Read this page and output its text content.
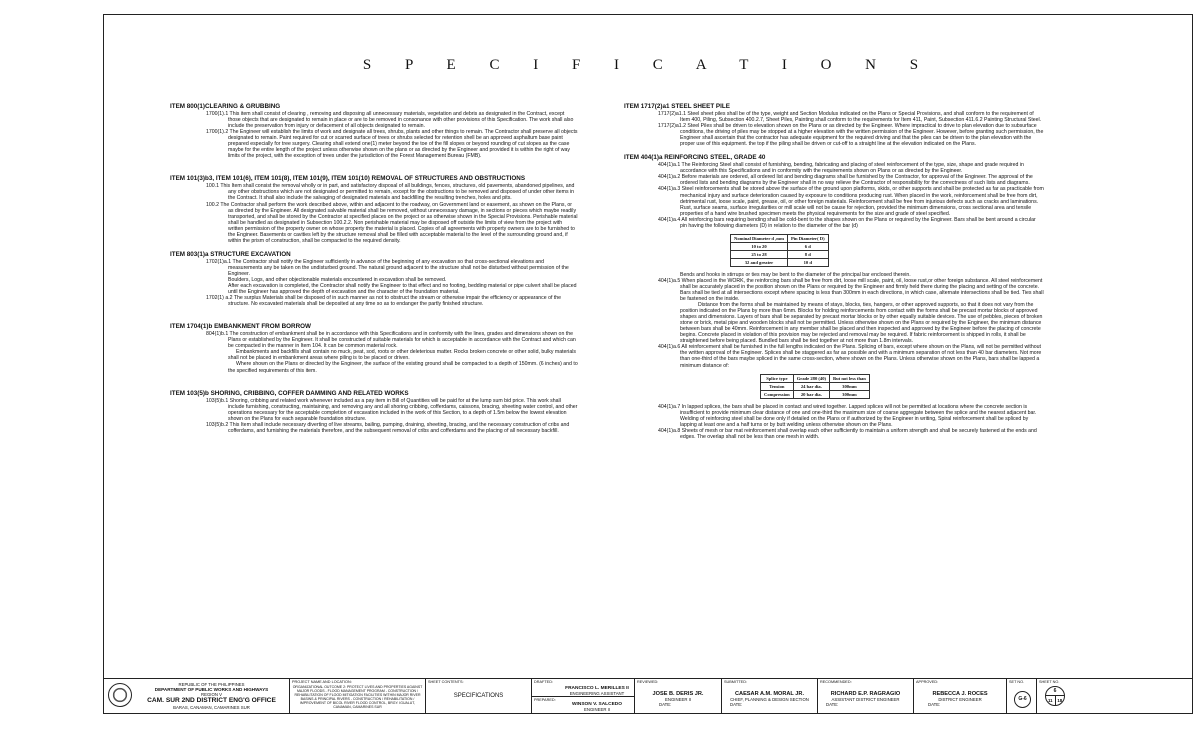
S P E C I F I C A T I O N S
ITEM 800(1)CLEARING & GRUBBING
1700(1).1 This item shall consist of clearing , removing and disposing all unnecessary materials, vegetation and debris as designated in the Contract, except those objects that are designated to remain in place or are to be removed in consonance with other provisions of this Specification. The work shall also include the preservation from injury or defacement of all objects designated to remain.
1700(1).2 The Engineer will establish the limits of work and designate all trees, shrubs, plants and other things to remain. The Contractor shall preserve all objects designated to remain. Paint required for cut or scarred surface of trees or shrubs selected for retention shell be an approved asphaltum base paint prepared especially for tree surgery. Clearing shall extend one(1) meter beyond the toe of the fill slopes or beyond rounding of cut slopes as the case maybe for the entire length of the project unless otherwise shown on the plans or as directed by the Engineer and provided it is within the right of way limits of the project, with the exception of trees under the jurisdiction of the Forest Management Bureau (FMB).
ITEM 101(3)b3, ITEM 101(6), ITEM 101(8), ITEM 101(9), ITEM 101(10) REMOVAL OF STRUCTURES AND OBSTRUCTIONS
100.1 This Item shall consist the removal wholly or in part, and satisfactory disposal of all buildings, fences, structures, old pavements, abandoned pipelines, and any other obstructions which are not designated or permitted to remain, except for the obstructions to be removed and disposed of under other items in the Contract. It shall also include the salvaging of designated materials and backfilling the resulting trenches, holes and pits.
100.2 The Contractor shall perform the work described above, within and adjacent to the roadway, on Government land or easement, as shown on the Plans, or as directed by the Engineer. All designated salvable material shall be removed, without unnecessary damage, in sections or pieces which maybe readily transported, and shall be stored by the Contractor at specified places on the project or as otherwise shown in the Special Provisions. Perishable material shall be handled as designated in Subsection 100.2.2. Non perishable material may be disposed off outside the limits of view from the project with written permission of the property owner on whose property the material is placed. Copies of all agreements with property owners are to be furnished to the Engineer. Basements or cavities left by the structure removal shall be filled with acceptable material to the level of the surrounding ground and, if within the prism of construction, shall be compacted to the required density.
ITEM 803(1)a STRUCTURE EXCAVATION
1702(1)a.1 The Contractor shall notify the Engineer sufficiently in advance of the beginning of any excavation so that cross-sectional elevations and measurements any be taken on the undisturbed ground. The natural ground adjacent to the structure shall not be disturbed without permission of the Engineer.
Boulders, Logs, and other objectionable materials encountered in excavation shall be removed.
After each excavation is completed, the Contractor shall notify the Engineer to that effect and no footing, bedding material or pipe culvert shall be placed until the Engineer has approved the depth of excavation and the character of the foundation material.
1702(1) a.2 The surplus Materials shall be disposed of in such manner as not to obstruct the stream or otherwise impair the efficiency or appearance of the structure. No excavated materials shall be deposited at any time so as to endanger the partly finished structure.
ITEM 1704(1)b EMBANKMENT FROM BORROW
804(1)b.1 The construction of embankment shall be in accordance with this Specifications and in conformity with the lines, grades and dimensions shown on the Plans or established by the Engineer. It shall be constructed of suitable materials for which is acceptable in accordance with the Contract and which can be compacted in the manner in Item 104. It can be common material rock.
Embankments and backfills shall contain no muck, peat, sod, roots or other deleterious matter. Rocks broken concrete or other solid, bulky materials shall not be placed in embankment areas where piling is to be placed or driven.
Where shown on the Plans or directed by the Engineer, the surface of the existing ground shall be compacted to a depth of 150mm. (6 inches) and to the specified requirements of this item.
ITEM 103(5)b SHORING, CRIBBING, COFFER DAMMING AND RELATED WORKS
103(5)b.1 Shoring, cribbing and related work whenever included as a pay item in Bill of Quantities will be paid for at the lump sum bid price. This work shall include furnishing, constructing, maintaining, and removing any and all shoring cribbing, cofferdams, caissons, bracing, sheeting water control, and other operations necessary for the acceptable completion of excavation included in the work of this Section, to a depth of 1.5m below the lowest elevation shown on the Plans for each separable foundation structure.
103(5)b.2 This Item shall include necessary diverting of live streams, bailing, pumping, draining, sheeting, bracing, and the necessary construction of cribs and cofferdams, and furnishing the materials therefore, and the subsequent removal of cribs and cofferdams and the placing of all necessary backfill.
ITEM 1717(2)a1 STEEL SHEET PILE
1717(2)a1.1 Steel sheet piles shall be of the type, weight and Section Modulus indicated on the Plans or Special Provisions, and shall conform to the requirement of Item 400, Piling, Subsection 400.2.7, Sheet Piles, Painting shall conform to the requirements for Item 411, Paint, Subsection 411.6.2 Painting Structural Steel.
1717(2)a1.2 Steel Piles shall be driven to elevation shown on the Plans or as directed by the Engineer. Where impractical to drive to plan elevation due to subsurface conditions, the driving of piles may be stopped at a higher elevation with the written permission of the Engineer. However, before granting such permission, the Engineer shall ascertain that the contractor has adequate equipment for the required driving and that the piles can be driven to the plan elevation with the proper use of this equipment. the top if the piling shall be driven or cut-off to a straight line at the elevation indicated on the Plans.
ITEM 404(1)a REINFORCING STEEL, GRADE 40
404(1)a.1 The Reinforcing Steel shall consist of furnishing, bending, fabricating and placing of steel reinforcement of the type, size, shape and grade required in accordance with this Specifications and in conformity with the requirements shown on Plans or as directed by the Engineer.
404(1)a.2 Before materials are ordered, all ordered list and bending diagrams shall be furnished by the Contractor, for approval of the Engineer. The approval of the ordered lists and bending diagrams by the Engineer shall in no way relieve the Contractor of responsibility for the correctness of such lists and diagrams.
404(1)a.3 Steel reinforcements shall be stored above the surface of the ground upon platforms, skids, or other supports and shall be protected as far as practicable from mechanical injury and surface deterioration caused by exposure to conditions producing rust. When placed in the work, reinforcement shall be free from dirt, detrimental rust, loose scale, paint, grease, oil, or other foreign materials. Reinforcement shall be free from injurious defects such as cracks and laminations. Rust, surface seams, surface irregularities or mill scale will not be cause for rejection, provided the minimum dimensions, cross sectional area and tensile properties of a hand wire brushed specimen meets the physical requirements for the size and grade of steel specified.
404(1)a.4 All reinforcing bars requiring bending shall be cold-bent to the shapes shown on the Plans or required by the Engineer. Bars shall be bent around a circular pin having the following diameters (D) in relation to the diameter of the bar (d)
Nominal Diameter d ,mm	Pin Diameter( D)
10 to 20	6 d
25 to 28	8 d
32 and greater	10 d
Bends and hooks in stirrups or ties may be bent to the diameter of the principal bar enclosed therein.
404(1)a.5 When placed in the WORK, the reinforcing bars shall be free from dirt, loose mill scale, paint, oil, loose rust,or other foreign substance. All steel reinforcement shall be accurately placed in the position shown on the Plans or required by the Engineer and firmly held there during the placing and setting of the concrete. Bars shall be tied at all intersections except where spacing is less than 300mm in each directions, in which case, alternate intersections shall be tied. Ties shall be fastened on the inside.
Distance from the forms shall be maintained by means of stays, blocks, ties, hangers, or other approved supports, so that it does not vary from the position indicated on the Plans by more than 6mm. Blocks for holding reinforcements from contact with the forms shall be precast mortar blocks of approved shapes and dimensions. Layers of bars shall be separated by precast mortar blocks or by other equally suitable devices. The use of pebbles, pieces of broken stone or brick, metal pipe and wooden blocks shall not be permitted. Unless otherwise shown on the Plans or required by the Engineer, the minimum distance between bars shall be 40mm. Reinforcement in any member shall be placed and then inspected and approved by the Engineer before the placing of concrete begins. Concrete placed in violation of this provision may be rejected and removal may be required. If fabric reinforcement is shipped in rolls, it shall be straightened before being placed. Bundled bars shall be tied together at not more than 1.8m intervals.
404(1)a.6 All reinforcement shall be furnished in the full lengths indicated on the Plans. Splicing of bars, except where shown on the Plans, will not be permitted without the written approval of the Engineer. Splices shall be staggered as far as possible and with a minimum separation of not less than 40 bar diameters. Not more than one-third of the bars maybe spliced in the same cross-section, where shown on the Plans. Unless otherwise shown on the Plans, bars shall be lapped a minimum distance of:
Splice type	Grade 280 (40)	But not less than
Tension	24 bar dia.	300mm
Compression	20 bar dia.	300mm
404(1)a.7 In lapped splices, the bars shall be placed in contact and wired together. Lapped splices will not be permitted at locations where the concrete section is insufficient to provide minimum clear distance of one and one-third the maximum size of coarse aggregate between the splice and the nearest adjacent bar. Welding of reinforcing steel shall be done only if detailed on the Plans or if authorized by the Engineer in writing, Spiral reinforcement shall be spliced by lapping at least one and a half turns or by butt welding unless otherwise shown on the Plans.
404(1)a.8 Sheets of mesh or bar mat reinforcement shall overlap each other sufficiently to maintain a uniform strength and shall be securely fastened at the ends and edges. The overlap shall not be less than one mesh in width.
REPUBLIC OF THE PHILIPPINES
DEPARTMENT OF PUBLIC WORKS AND HIGHWAYS
REGION V
CAM. SUR 2ND DISTRICT ENG'G OFFICE
BARAS, CANAMAN, CAMARINES SUR
PROJECT NAME AND LOCATION:
ORGANIZATIONAL OUTCOME 2: PROTECT LIVES AND PROPERTIES AGAINST MAJOR FLOODS - FLOOD MANAGEMENT PROGRAM - CONSTRUCTION / REHABILITATION OF FLOOD MITIGATION FACILITIES WITHIN MAJOR RIVER BASINS & PRINCIPAL RIVERS - CONSTRUCTION / REHABILITATION / IMPROVEMENT OF BICOL RIVER FLOOD CONTROL, BRGY. IGUALUT, CANAMAN, CAMARINES SUR
SHEET CONTENTS:
SPECIFICATIONS
DRAFTED:
FRANCISCO L. MERILLES II
ENGINEERING ASSISTANT
PREPARED:
WINSON V. SALCEDO
ENGINEER II
REVIEWED:
JOSE B. DERIS JR.
ENGINEER II
DATE:
SUBMITTED:
CAESAR A.M. MORAL JR.
CHIEF, PLANNING & DESIGN SECTION
DATE:
RECOMMENDED:
RICHARD E.P. RAGRAGIO
ASSISTANT DISTRICT ENGINEER
DATE:
APPROVED:
REBECCA J. ROCES
DISTRICT ENGINEER
DATE:
SET NO.
G-6
SHEET NO.
6
11	18
